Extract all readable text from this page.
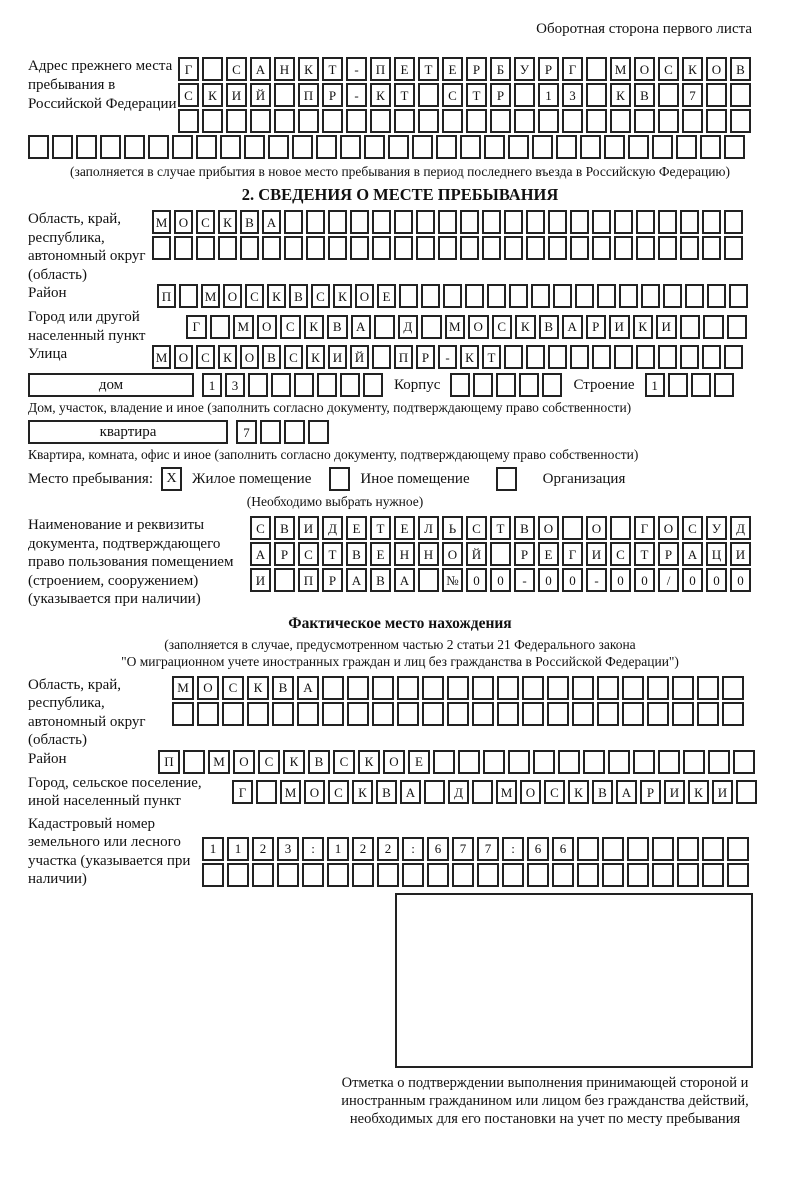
Оборотная сторона первого листа
Адрес прежнего места пребывания в Российской Федерации
Г	С	А	Н	К	Т	-	П	Е	Т	Е	Р	Б	У	Р	Г	М	О	С	К	О	В
С	К	И	Й	П	Р	-	К	Т	С	Т	Р	1	3	К	В	7
(заполняется в случае прибытия в новое место пребывания в период последнего въезда в Российскую Федерацию)
2. СВЕДЕНИЯ О МЕСТЕ ПРЕБЫВАНИЯ
Область, край, республика, автономный округ (область)
М О С	К	В А
Район	П	М О С	К	В	С	К О	Е
Город или другой населенный пункт
Г	М	О	С	К	В	А	Д	М	О	С	К	В	А	Р	И	К	И
Улица	М О С	К О В	С	К И Й	П	Р	-	К	Т
дом	1	3	Корпус	Строение	1
Дом, участок, владение и иное (заполнить согласно документу, подтверждающему право собственности)
квартира	7
Квартира, комната, офис и иное (заполнить согласно документу, подтверждающему право собственности)
Место пребывания: X	Жилое помещение	Иное помещение	Организация
(Необходимо выбрать нужное)
Наименование и реквизиты документа, подтверждающего право пользования помещением (строением, сооружением) (указывается при наличии)
С	В	И	Д	Е	Т	Е	Л	Ь	С	Т	В	О	О	Г	О	С	У	Д
А	Р	С	Т	В	Е	Н	Н	О	Й	Р	Е	Г	И	С	Т	Р	А	Ц	И
И	П	Р	А	В	А	№	0	0	-	0	0	-	0	0	/	0	0	0
Фактическое место нахождения
(заполняется в случае, предусмотренном частью 2 статьи 21 Федерального закона
"О миграционном учете иностранных граждан и лиц без гражданства в Российской Федерации")
Область, край, республика, автономный округ (область)
М	О	С	К	В	А
Район	П	М	О	С	К	В	С	К	О	Е
Город, сельское поселение, иной населенный пункт
Г	М	О	С	К	В	А	Д	М	О	С	К	В	А	Р	И	К	И
Кадастровый номер земельного или лесного участка (указывается при наличии)
1	1	2	3	:	1	2	2	:	6	7	7	:	6	6
Отметка о подтверждении выполнения принимающей стороной и иностранным гражданином или лицом без гражданства действий, необходимых для его постановки на учет по месту пребывания
